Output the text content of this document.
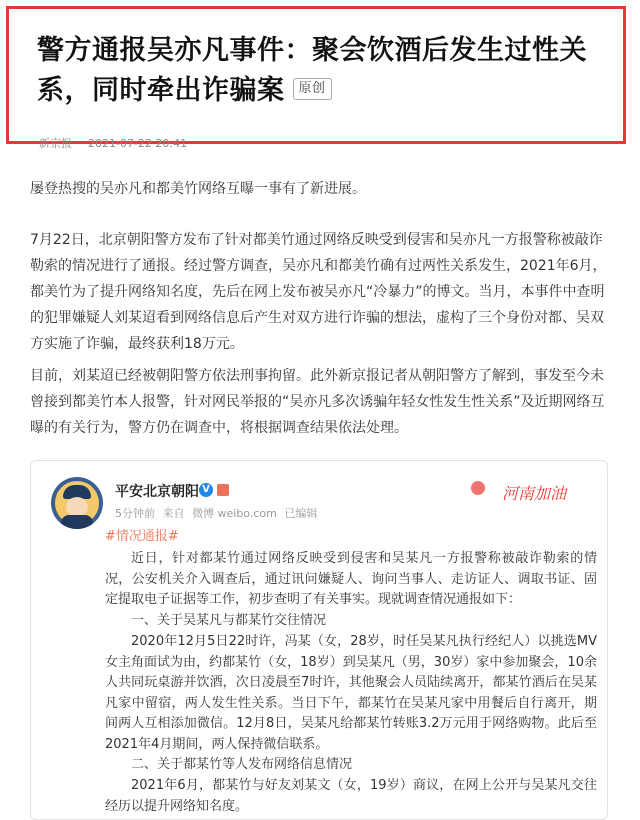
警方通报吴亦凡事件：聚会饮酒后发生过性关系，同时牵出诈骗案 原创
新京报 2021-07-22 20:41

屡登热搜的吴亦凡和都美竹网络互曝一事有了新进展。

7月22日，北京朝阳警方发布了针对都美竹通过网络反映受到侵害和吴亦凡一方报警称被敲诈勒索的情况进行了通报。经过警方调查，吴亦凡和都美竹确有过两性关系发生，2021年6月，都美竹为了提升网络知名度，先后在网上发布被吴亦凡“冷暴力”的博文。当月，本事件中查明的犯罪嫌疑人刘某迢看到网络信息后产生对双方进行诈骗的想法，虚构了三个身份对都、吴双方实施了诈骗，最终获利18万元。

目前，刘某迢已经被朝阳警方依法刑事拘留。此外新京报记者从朝阳警方了解到，事发至今未曾接到都美竹本人报警，针对网民举报的“吴亦凡多次诱骗年轻女性发生性关系”及近期网络互曝的有关行为，警方仍在调查中，将根据调查结果依法处理。

平安北京朝阳 V
5分钟前 来自 微博 weibo.com 已编辑
河南加油
#情况通报#

近日，针对都某竹通过网络反映受到侵害和吴某凡一方报警称被敲诈勒索的情况，公安机关介入调查后，通过讯问嫌疑人、询问当事人、走访证人、调取书证、固定提取电子证据等工作，初步查明了有关事实。现就调查情况通报如下：

一、关于吴某凡与都某竹交往情况

2020年12月5日22时许，冯某（女，28岁，时任吴某凡执行经纪人）以挑选MV女主角面试为由，约都某竹（女，18岁）到吴某凡（男，30岁）家中参加聚会，10余人共同玩桌游并饮酒，次日凌晨至7时许，其他聚会人员陆续离开，都某竹酒后在吴某凡家中留宿，两人发生性关系。当日下午，都某竹在吴某凡家中用餐后自行离开，期间两人互相添加微信。12月8日，吴某凡给都某竹转账3.2万元用于网络购物。此后至2021年4月期间，两人保持微信联系。

二、关于都某竹等人发布网络信息情况

2021年6月，都某竹与好友刘某文（女，19岁）商议，在网上公开与吴某凡交往经历以提升网络知名度。
